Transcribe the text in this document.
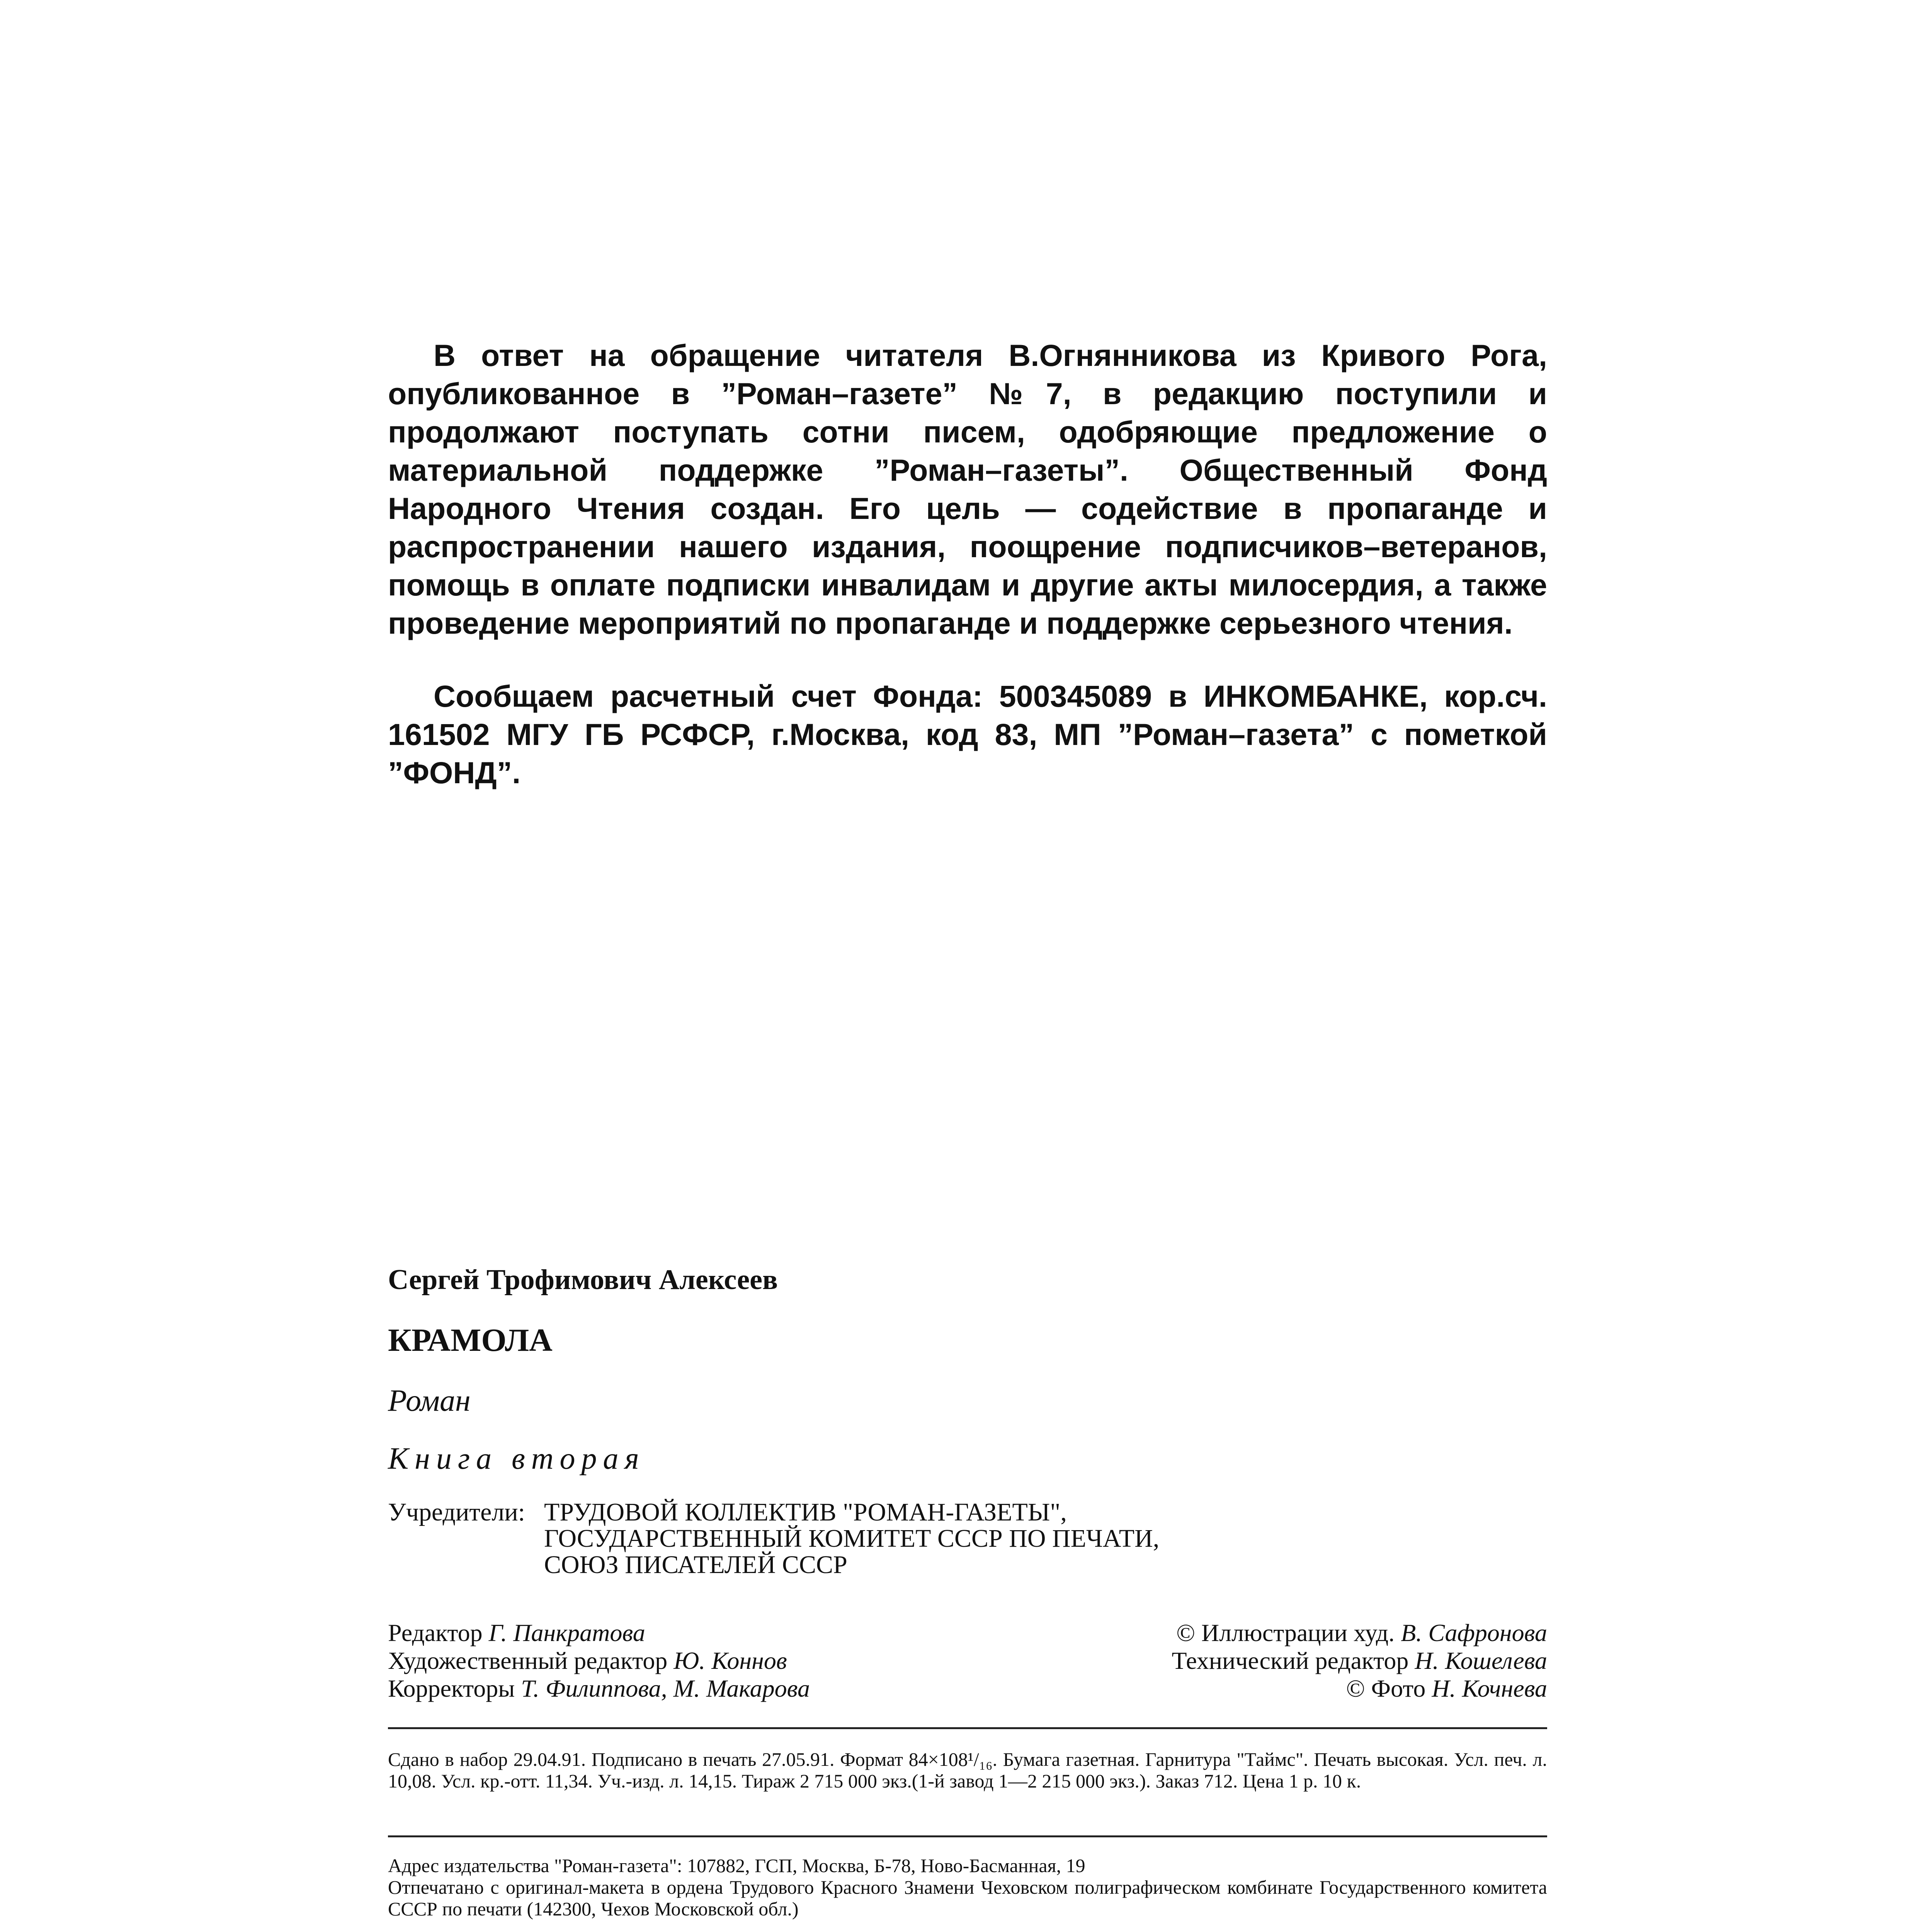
В ответ на обращение читателя В.Огнянникова из Кривого Рога, опубликованное в ”Роман–газете” №7, в редакцию поступили и продолжают поступать сотни писем, одобряющие предложение о материальной поддержке ”Роман–газеты”. Общественный Фонд Народного Чтения создан. Его цель — содействие в пропаганде и распространении нашего издания, поощрение подписчиков–ветеранов, помощь в оплате подписки инвалидам и другие акты милосердия, а также проведение мероприятий по пропаганде и поддержке серьезного чтения.

Сообщаем расчетный счет Фонда: 500345089 в ИНКОМБАНКЕ, кор.сч. 161502 МГУ ГБ РСФСР, г.Москва, код 83, МП ”Роман–газета” с пометкой ”ФОНД”.

Сергей Трофимович Алексеев
КРАМОЛА
Роман
Книга вторая
Учредители: ТРУДОВОЙ КОЛЛЕКТИВ "РОМАН-ГАЗЕТЫ",
ГОСУДАРСТВЕННЫЙ КОМИТЕТ СССР ПО ПЕЧАТИ,
СОЮЗ ПИСАТЕЛЕЙ СССР
Редактор Г. Панкратова
Художественный редактор Ю. Коннов
Корректоры Т. Филиппова, М. Макарова
© Иллюстрации худ. В. Сафронова
Технический редактор Н. Кошелева
© Фото Н. Кочнева
Сдано в набор 29.04.91. Подписано в печать 27.05.91. Формат 84×108¹/₁₆. Бумага газетная. Гарнитура "Таймс". Печать высокая. Усл. печ. л. 10,08. Усл. кр.-отт. 11,34. Уч.-изд. л. 14,15. Тираж 2 715 000 экз.(1-й завод 1—2 215 000 экз.). Заказ 712. Цена 1 р. 10 к.
Адрес издательства "Роман-газета": 107882, ГСП, Москва, Б-78, Ново-Басманная, 19
Отпечатано с оригинал-макета в ордена Трудового Красного Знамени Чеховском полиграфическом комбинате Государственного комитета СССР по печати (142300, Чехов Московской обл.)
